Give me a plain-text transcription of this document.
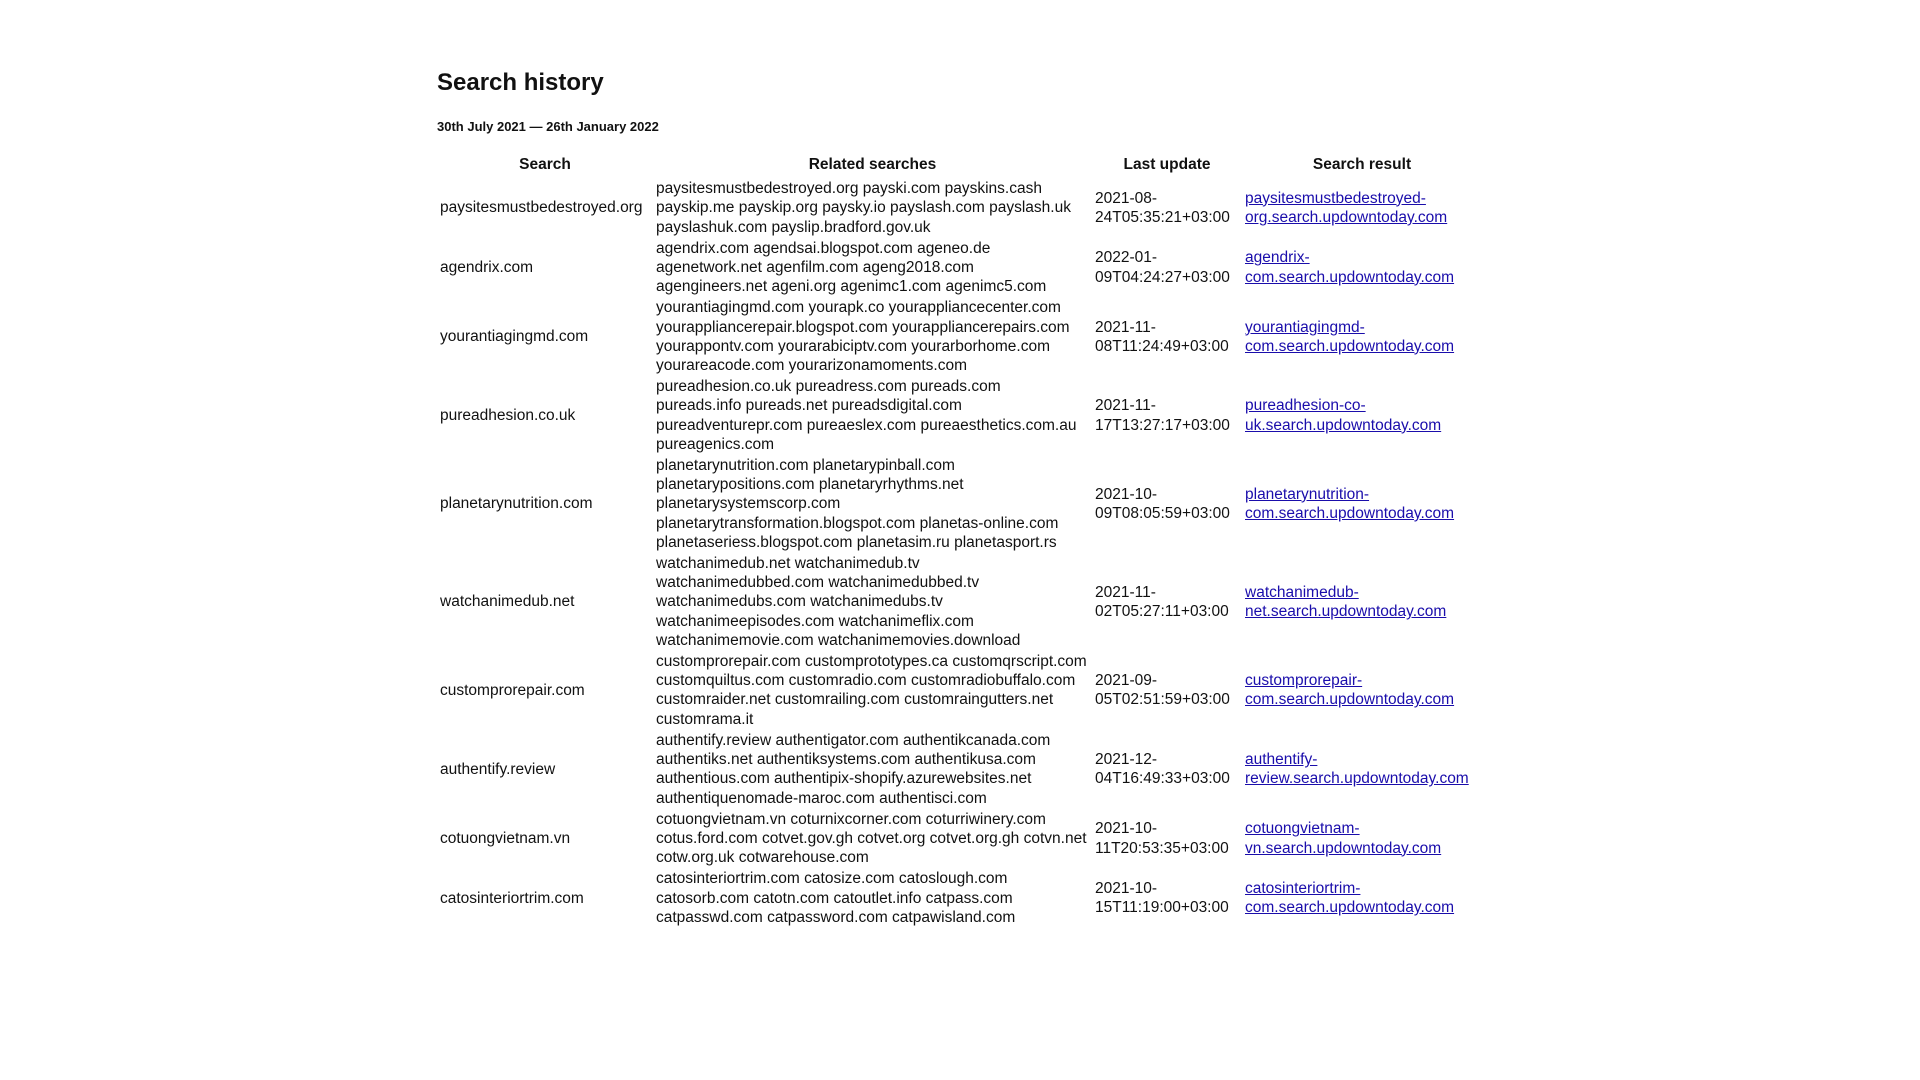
Search history
30th July 2021 — 26th January 2022
Search	Related searches	Last update	Search result
paysitesmustbedestroyed.org	paysitesmustbedestroyed.org payski.com payskins.cash payskip.me payskip.org paysky.io payslash.com payslash.uk payslashuk.com payslip.bradford.gov.uk	2021-08-24T05:35:21+03:00	paysitesmustbedestroyed-org.search.updowntoday.com
agendrix.com	agendrix.com agendsai.blogspot.com ageneo.de agenetwork.net agenfilm.com ageng2018.com agengineers.net ageni.org agenimc1.com agenimc5.com	2022-01-09T04:24:27+03:00	agendrix-com.search.updowntoday.com
yourantiagingmd.com	yourantiagingmd.com yourapk.co yourappliancecenter.com yourappliancerepair.blogspot.com yourappliancerepairs.com yourappontv.com yourarabiciptv.com yourarborhome.com yourareacode.com yourarizonamoments.com	2021-11-08T11:24:49+03:00	yourantiagingmd-com.search.updowntoday.com
pureadhesion.co.uk	pureadhesion.co.uk pureadress.com pureads.com pureads.info pureads.net pureadsdigital.com pureadventurepr.com pureaeslex.com pureaesthetics.com.au pureagenics.com	2021-11-17T13:27:17+03:00	pureadhesion-co-uk.search.updowntoday.com
planetarynutrition.com	planetarynutrition.com planetarypinball.com planetarypositions.com planetaryrhythms.net planetarysystemscorp.com planetarytransformation.blogspot.com planetas-online.com planetaseriess.blogspot.com planetasim.ru planetasport.rs	2021-10-09T08:05:59+03:00	planetarynutrition-com.search.updowntoday.com
watchanimedub.net	watchanimedub.net watchanimedub.tv watchanimedubbed.com watchanimedubbed.tv watchanimedubs.com watchanimedubs.tv watchanimeepisodes.com watchanimeflix.com watchanimemovie.com watchanimemovies.download	2021-11-02T05:27:11+03:00	watchanimedub-net.search.updowntoday.com
customprorepair.com	customprorepair.com customprototypes.ca customqrscript.com customquiltus.com customradio.com customradiobuffalo.com customraider.net customrailing.com customraingutters.net customrama.it	2021-09-05T02:51:59+03:00	customprorepair-com.search.updowntoday.com
authentify.review	authentify.review authentigator.com authentikcanada.com authentiks.net authentiksystems.com authentikusa.com authentious.com authentipix-shopify.azurewebsites.net authentiquenomade-maroc.com authentisci.com	2021-12-04T16:49:33+03:00	authentify-review.search.updowntoday.com
cotuongvietnam.vn	cotuongvietnam.vn coturnixcorner.com coturriwinery.com cotus.ford.com cotvet.gov.gh cotvet.org cotvet.org.gh cotvn.net cotw.org.uk cotwarehouse.com	2021-10-11T20:53:35+03:00	cotuongvietnam-vn.search.updowntoday.com
catosinteriortrim.com	catosinteriortrim.com catosize.com catoslough.com catosorb.com catotn.com catoutlet.info catpass.com catpasswd.com catpassword.com catpawisland.com	2021-10-15T11:19:00+03:00	catosinteriortrim-com.search.updowntoday.com
